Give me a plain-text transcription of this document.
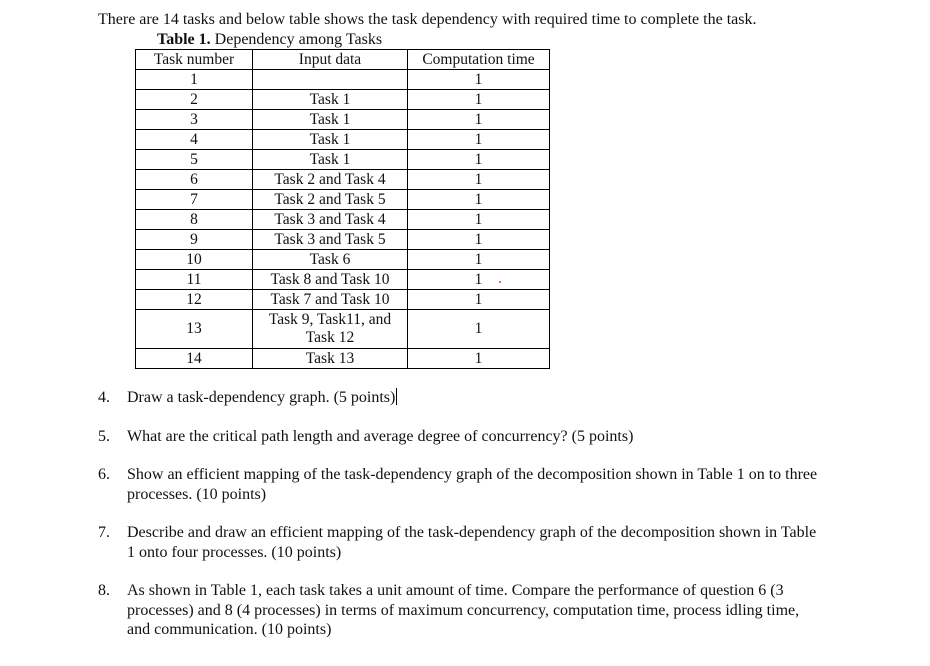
There are 14 tasks and below table shows the task dependency with required time to complete the task.
Table 1. Dependency among Tasks
Task number	Input data	Computation time
1		1
2	Task 1	1
3	Task 1	1
4	Task 1	1
5	Task 1	1
6	Task 2 and Task 4	1
7	Task 2 and Task 5	1
8	Task 3 and Task 4	1
9	Task 3 and Task 5	1
10	Task 6	1
11	Task 8 and Task 10	1
12	Task 7 and Task 10	1
13	Task 9, Task11, and Task 12	1
14	Task 13	1
4.	Draw a task-dependency graph. (5 points)
5.	What are the critical path length and average degree of concurrency? (5 points)
6.	Show an efficient mapping of the task-dependency graph of the decomposition shown in Table 1 on to three processes. (10 points)
7.	Describe and draw an efficient mapping of the task-dependency graph of the decomposition shown in Table 1 onto four processes. (10 points)
8.	As shown in Table 1, each task takes a unit amount of time. Compare the performance of question 6 (3 processes) and 8 (4 processes) in terms of maximum concurrency, computation time, process idling time, and communication. (10 points)
